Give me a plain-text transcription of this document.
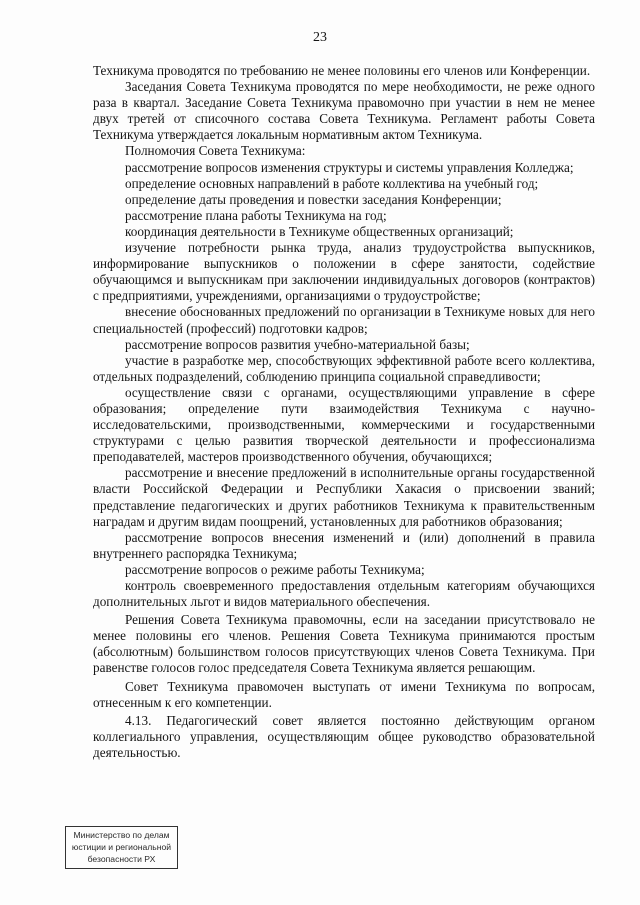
23

Техникума проводятся по требованию не менее половины его членов или Конференции.

Заседания Совета Техникума проводятся по мере необходимости, не реже одного раза в квартал. Заседание Совета Техникума правомочно при участии в нем не менее двух третей от списочного состава Совета Техникума. Регламент работы Совета Техникума утверждается локальным нормативным актом Техникума.

Полномочия Совета Техникума:

рассмотрение вопросов изменения структуры и системы управления Колледжа;

определение основных направлений в работе коллектива на учебный год;

определение даты проведения и повестки заседания Конференции;

рассмотрение плана работы Техникума на год;

координация деятельности в Техникуме общественных организаций;

изучение потребности рынка труда, анализ трудоустройства выпускников, информирование выпускников о положении в сфере занятости, содействие обучающимся и выпускникам при заключении индивидуальных договоров (контрактов) с предприятиями, учреждениями, организациями о трудоустройстве;

внесение обоснованных предложений по организации в Техникуме новых для него специальностей (профессий) подготовки кадров;

рассмотрение вопросов развития учебно-материальной базы;

участие в разработке мер, способствующих эффективной работе всего коллектива, отдельных подразделений, соблюдению принципа социальной справедливости;

осуществление связи с органами, осуществляющими управление в сфере образования; определение пути взаимодействия Техникума с научно-исследовательскими, производственными, коммерческими и государственными структурами с целью развития творческой деятельности и профессионализма преподавателей, мастеров производственного обучения, обучающихся;

рассмотрение и внесение предложений в исполнительные органы государственной власти Российской Федерации и Республики Хакасия о присвоении званий; представление педагогических и других работников Техникума к правительственным наградам и другим видам поощрений, установленных для работников образования;

рассмотрение вопросов внесения изменений и (или) дополнений в правила внутреннего распорядка Техникума;

рассмотрение вопросов о режиме работы Техникума;

контроль своевременного предоставления отдельным категориям обучающихся дополнительных льгот и видов материального обеспечения.

Решения Совета Техникума правомочны, если на заседании присутствовало не менее половины его членов. Решения Совета Техникума принимаются простым (абсолютным) большинством голосов присутствующих членов Совета Техникума. При равенстве голосов голос председателя Совета Техникума является решающим.

Совет Техникума правомочен выступать от имени Техникума по вопросам, отнесенным к его компетенции.

4.13. Педагогический совет является постоянно действующим органом коллегиального управления, осуществляющим общее руководство образовательной деятельностью.

Министерство по делам
юстиции и региональной
безопасности РХ
